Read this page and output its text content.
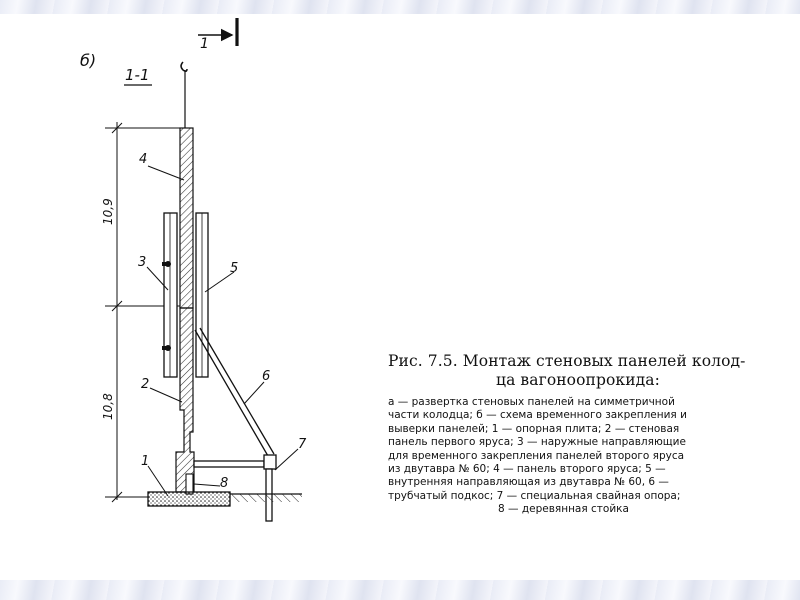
б)
1-1
1
10,9
10,8
4
3	5
2
6
7
1
8
Рис. 7.5. Монтаж стеновых панелей колод-
ца вагоноопрокида:
а — развертка стеновых панелей на симметричной
части колодца; б — схема временного закрепления и
выверки панелей; 1 — опорная плита; 2 — стеновая
панель первого яруса; 3 — наружные направляющие
для временного закрепления панелей второго яруса
из двутавра № 60; 4 — панель второго яруса; 5 —
внутренняя направляющая из двутавра № 60, 6 —
трубчатый подкос; 7 — специальная свайная опора;
8 — деревянная стойка
